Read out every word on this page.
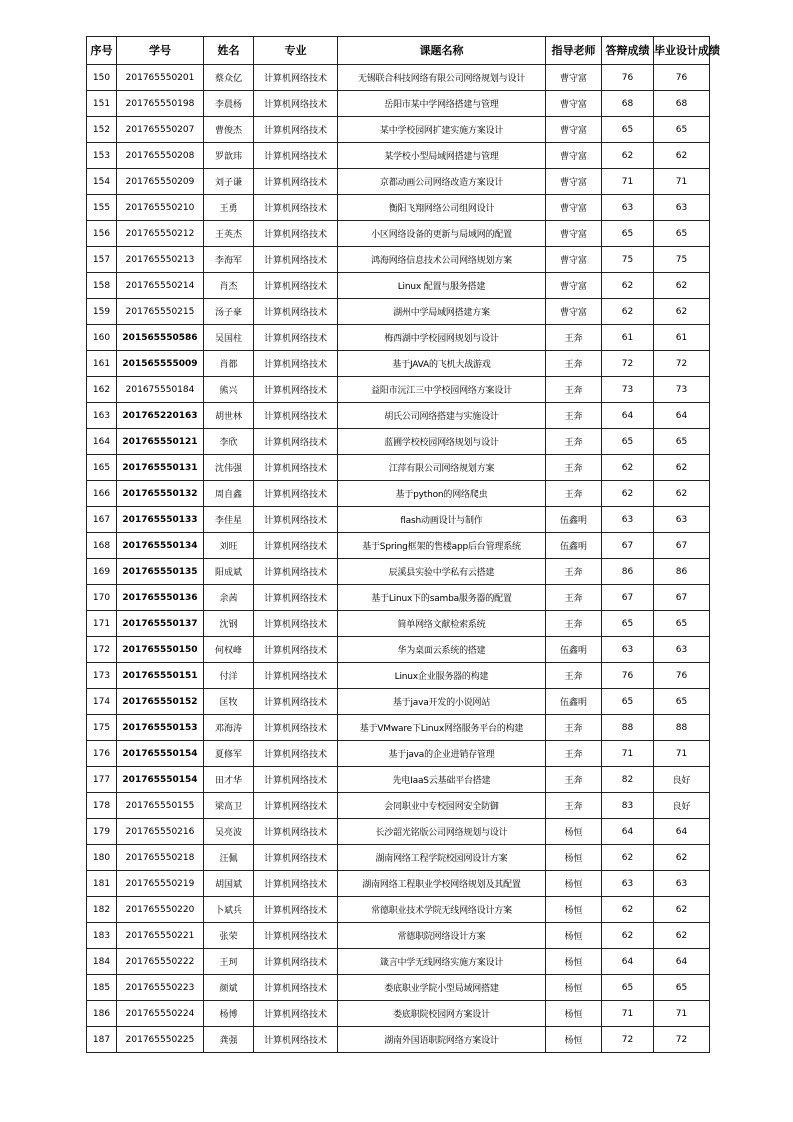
序号	学号	姓名	专业	课题名称	指导老师	答辩成绩	毕业设计成绩
150	201765550201	蔡众亿	计算机网络技术	无锡联合科技网络有限公司网络规划与设计	曹守富	76	76
151	201765550198	李晨杨	计算机网络技术	岳阳市某中学网络搭建与管理	曹守富	68	68
152	201765550207	曹俊杰	计算机网络技术	某中学校园网扩建实施方案设计	曹守富	65	65
153	201765550208	罗歆玮	计算机网络技术	某学校小型局域网搭建与管理	曹守富	62	62
154	201765550209	刘子谦	计算机网络技术	京都动画公司网络改造方案设计	曹守富	71	71
155	201765550210	王勇	计算机网络技术	衡阳飞翔网络公司组网设计	曹守富	63	63
156	201765550212	王英杰	计算机网络技术	小区网络设备的更新与局域网的配置	曹守富	65	65
157	201765550213	李海军	计算机网络技术	鸿海网络信息技术公司网络规划方案	曹守富	75	75
158	201765550214	肖杰	计算机网络技术	Linux 配置与服务搭建	曹守富	62	62
159	201765550215	汤子豪	计算机网络技术	湖州中学局域网搭建方案	曹守富	62	62
160	201565550586	吴国柱	计算机网络技术	梅西湖中学校园网规划与设计	王奔	61	61
161	201565555009	肖都	计算机网络技术	基于JAVA的飞机大战游戏	王奔	72	72
162	201675550184	熊兴	计算机网络技术	益阳市沅江三中学校园网络方案设计	王奔	73	73
163	201765220163	胡世林	计算机网络技术	胡氏公司网络搭建与实施设计	王奔	64	64
164	201765550121	李欣	计算机网络技术	蓝圃学校校园网络规划与设计	王奔	65	65
165	201765550131	沈伟强	计算机网络技术	江萍有限公司网络规划方案	王奔	62	62
166	201765550132	周自鑫	计算机网络技术	基于python的网络爬虫	王奔	62	62
167	201765550133	李佳星	计算机网络技术	flash动画设计与制作	伍鑫明	63	63
168	201765550134	刘旺	计算机网络技术	基于Spring框架的售楼app后台管理系统	伍鑫明	67	67
169	201765550135	阳成斌	计算机网络技术	辰溪县实验中学私有云搭建	王奔	86	86
170	201765550136	余茜	计算机网络技术	基于Linux下的samba服务器的配置	王奔	67	67
171	201765550137	沈钢	计算机网络技术	简单网络文献检索系统	王奔	65	65
172	201765550150	何权峰	计算机网络技术	华为桌面云系统的搭建	伍鑫明	63	63
173	201765550151	付洋	计算机网络技术	Linux企业服务器的构建	王奔	76	76
174	201765550152	匡牧	计算机网络技术	基于java开发的小说网站	伍鑫明	65	65
175	201765550153	邓海涛	计算机网络技术	基于VMware下Linux网络服务平台的构建	王奔	88	88
176	201765550154	夏修军	计算机网络技术	基于java的企业进销存管理	王奔	71	71
177	201765550154	田才华	计算机网络技术	先电IaaS云基础平台搭建	王奔	82	良好
178	201765550155	梁高卫	计算机网络技术	会同职业中专校园网安全防御	王奔	83	良好
179	201765550216	吴亮波	计算机网络技术	长沙韶光铭版公司网络规划与设计	杨恒	64	64
180	201765550218	汪佩	计算机网络技术	湖南网络工程学院校园网设计方案	杨恒	62	62
181	201765550219	胡国斌	计算机网络技术	湖南网络工程职业学校网络规划及其配置	杨恒	63	63
182	201765550220	卜斌兵	计算机网络技术	常德职业技术学院无线网络设计方案	杨恒	62	62
183	201765550221	张荣	计算机网络技术	常德职院网络设计方案	杨恒	62	62
184	201765550222	王珂	计算机网络技术	箴言中学无线网络实施方案设计	杨恒	64	64
185	201765550223	颜斌	计算机网络技术	娄底职业学院小型局域网搭建	杨恒	65	65
186	201765550224	杨博	计算机网络技术	娄底职院校园网方案设计	杨恒	71	71
187	201765550225	龚强	计算机网络技术	湖南外国语职院网络方案设计	杨恒	72	72
